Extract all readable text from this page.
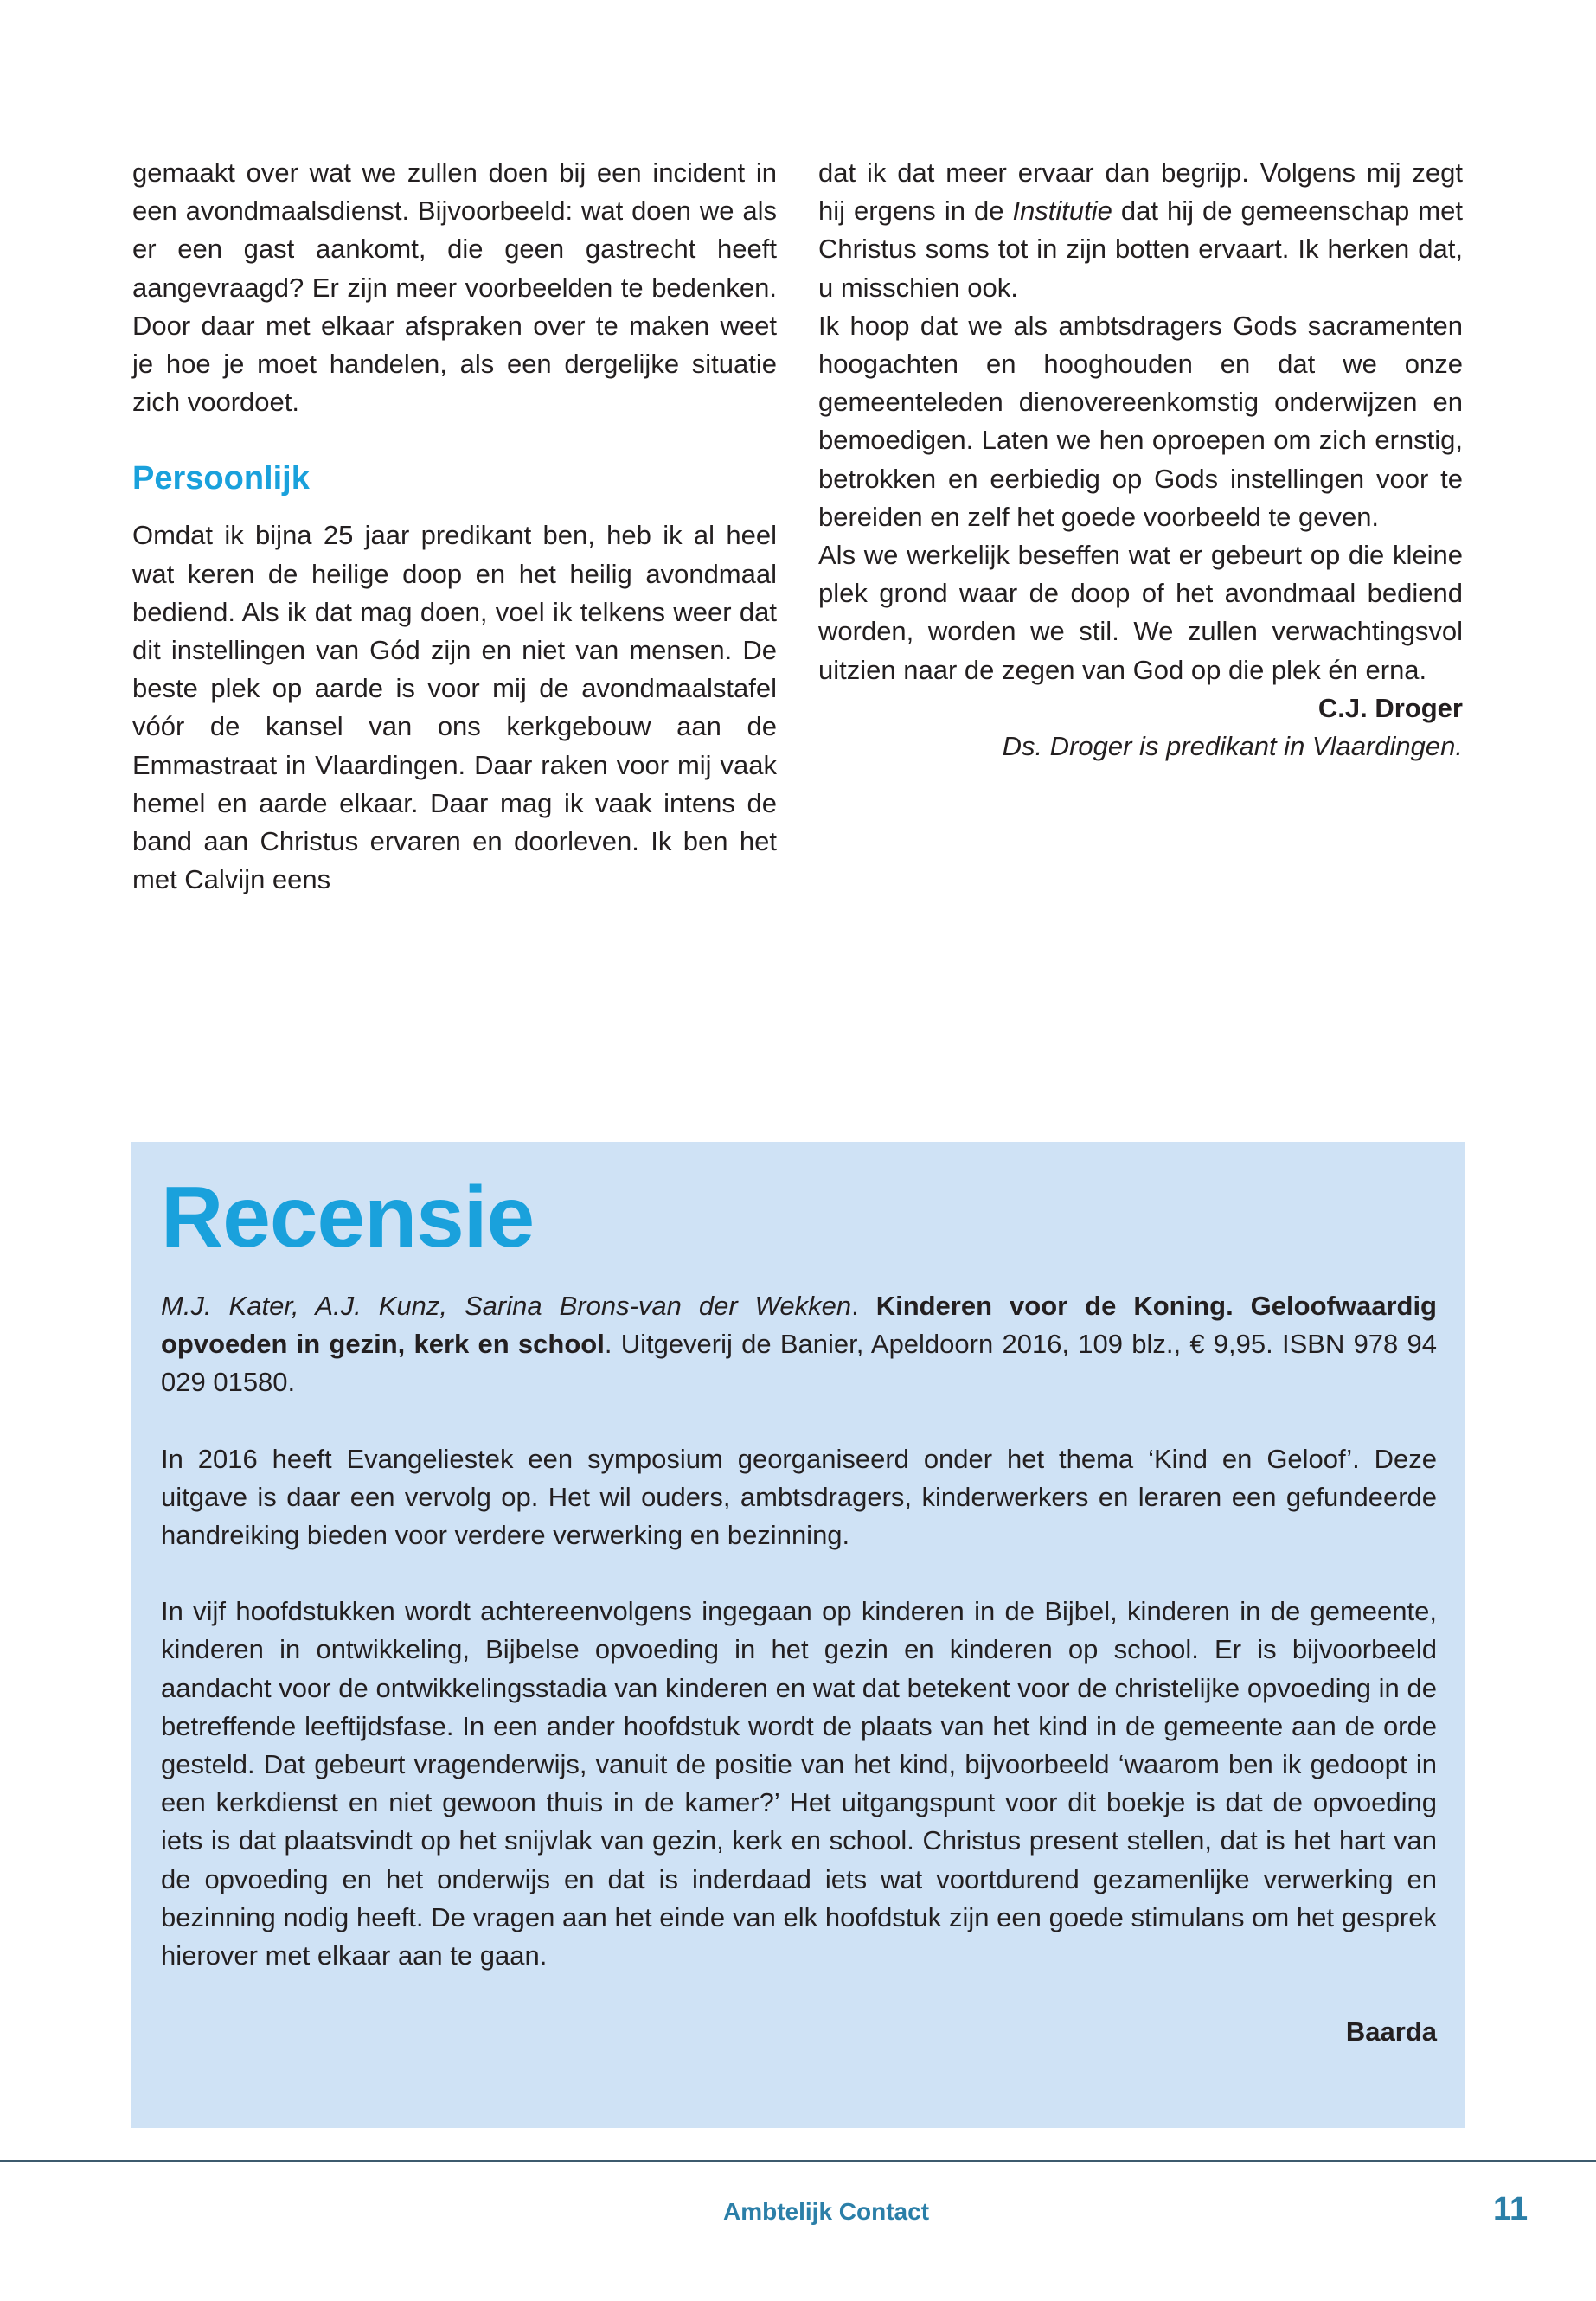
gemaakt over wat we zullen doen bij een incident in een avondmaalsdienst. Bijvoorbeeld: wat doen we als er een gast aankomt, die geen gastrecht heeft aangevraagd? Er zijn meer voorbeelden te bedenken. Door daar met elkaar afspraken over te maken weet je hoe je moet handelen, als een dergelijke situatie zich voordoet.

Persoonlijk

Omdat ik bijna 25 jaar predikant ben, heb ik al heel wat keren de heilige doop en het heilig avondmaal bediend. Als ik dat mag doen, voel ik telkens weer dat dit instellingen van Gód zijn en niet van mensen. De beste plek op aarde is voor mij de avondmaalstafel vóór de kansel van ons kerkgebouw aan de Emmastraat in Vlaardingen. Daar raken voor mij vaak hemel en aarde elkaar. Daar mag ik vaak intens de band aan Christus ervaren en doorleven. Ik ben het met Calvijn eens

dat ik dat meer ervaar dan begrijp. Volgens mij zegt hij ergens in de Institutie dat hij de gemeenschap met Christus soms tot in zijn botten ervaart. Ik herken dat, u misschien ook.

Ik hoop dat we als ambtsdragers Gods sacramenten hoogachten en hooghouden en dat we onze gemeenteleden dienovereenkomstig onderwijzen en bemoedigen. Laten we hen oproepen om zich ernstig, betrokken en eerbiedig op Gods instellingen voor te bereiden en zelf het goede voorbeeld te geven.

Als we werkelijk beseffen wat er gebeurt op die kleine plek grond waar de doop of het avondmaal bediend worden, worden we stil. We zullen verwachtingsvol uitzien naar de zegen van God op die plek én erna.

C.J. Droger

Ds. Droger is predikant in Vlaardingen.

Recensie

M.J. Kater, A.J. Kunz, Sarina Brons-van der Wekken. Kinderen voor de Koning. Geloofwaardig opvoeden in gezin, kerk en school. Uitgeverij de Banier, Apeldoorn 2016, 109 blz., € 9,95. ISBN 978 94 029 01580.

In 2016 heeft Evangeliestek een symposium georganiseerd onder het thema ‘Kind en Geloof’. Deze uitgave is daar een vervolg op. Het wil ouders, ambtsdragers, kinderwerkers en leraren een gefundeerde handreiking bieden voor verdere verwerking en bezinning.

In vijf hoofdstukken wordt achtereenvolgens ingegaan op kinderen in de Bijbel, kinderen in de gemeente, kinderen in ontwikkeling, Bijbelse opvoeding in het gezin en kinderen op school. Er is bijvoorbeeld aandacht voor de ontwikkelingsstadia van kinderen en wat dat betekent voor de christelijke opvoeding in de betreffende leeftijdsfase. In een ander hoofdstuk wordt de plaats van het kind in de gemeente aan de orde gesteld. Dat gebeurt vragenderwijs, vanuit de positie van het kind, bijvoorbeeld ‘waarom ben ik gedoopt in een kerkdienst en niet gewoon thuis in de kamer?’ Het uitgangspunt voor dit boekje is dat de opvoeding iets is dat plaatsvindt op het snijvlak van gezin, kerk en school. Christus present stellen, dat is het hart van de opvoeding en het onderwijs en dat is inderdaad iets wat voortdurend gezamenlijke verwerking en bezinning nodig heeft. De vragen aan het einde van elk hoofdstuk zijn een goede stimulans om het gesprek hierover met elkaar aan te gaan.

Baarda

Ambtelijk Contact	11
